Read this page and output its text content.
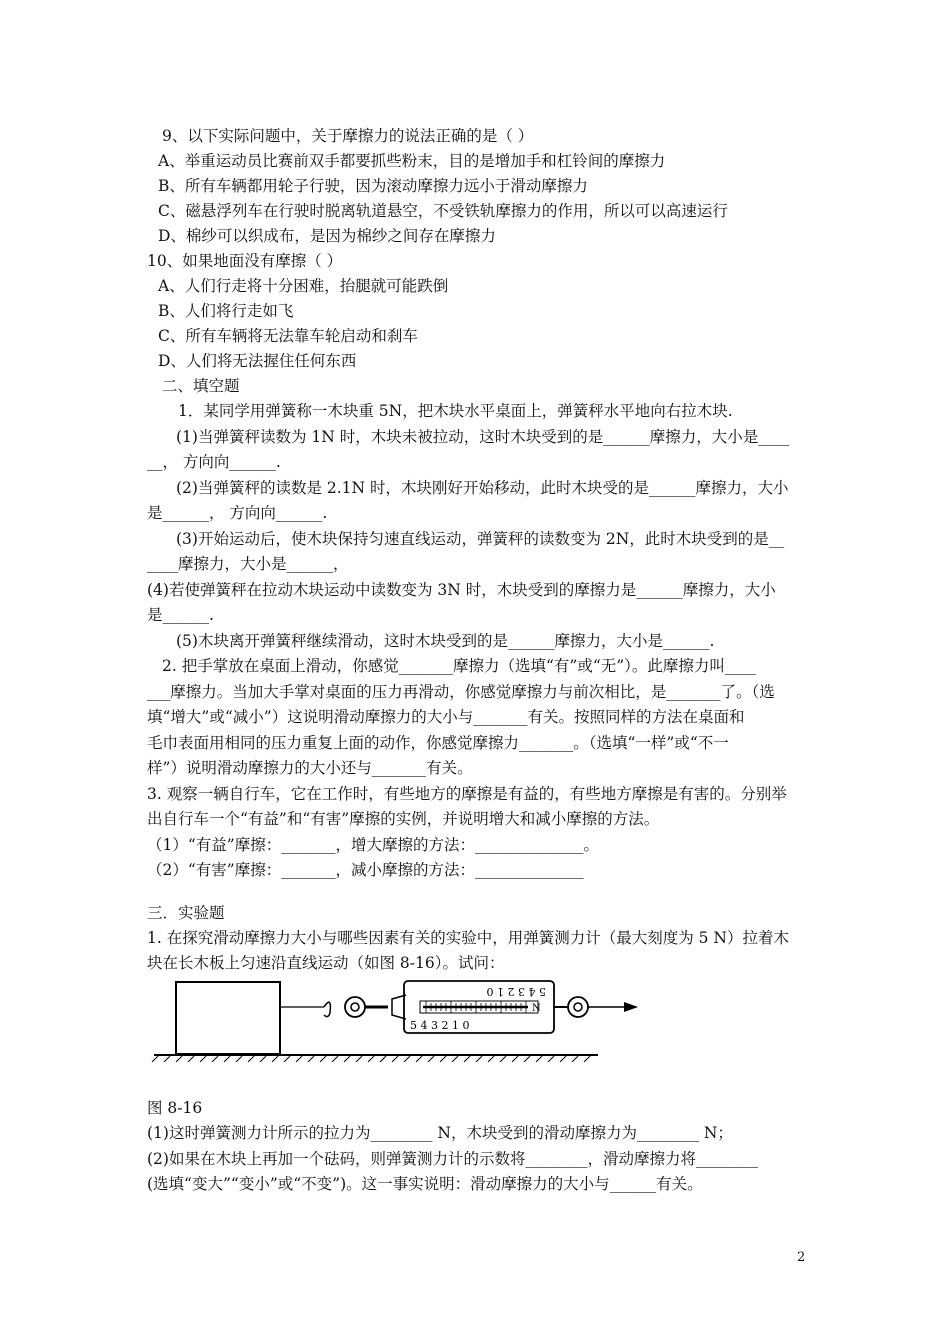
9、以下实际问题中，关于摩擦力的说法正确的是（ ）
A、举重运动员比赛前双手都要抓些粉末，目的是增加手和杠铃间的摩擦力
B、所有车辆都用轮子行驶，因为滚动摩擦力远小于滑动摩擦力
C、磁悬浮列车在行驶时脱离轨道悬空，不受铁轨摩擦力的作用，所以可以高速运行
D、棉纱可以织成布，是因为棉纱之间存在摩擦力
10、如果地面没有摩擦（ ）
A、人们行走将十分困难，抬腿就可能跌倒
B、人们将行走如飞
C、所有车辆将无法靠车轮启动和刹车
D、人们将无法握住任何东西
二、填空题
1．某同学用弹簧称一木块重 5N，把木块水平桌面上，弹簧秤水平地向右拉木块.
(1)当弹簧秤读数为 1N 时，木块未被拉动，这时木块受到的是______摩擦力，大小是____
__， 方向向______.
(2)当弹簧秤的读数是 2.1N 时，木块刚好开始移动，此时木块受的是______摩擦力，大小
是______， 方向向______.
(3)开始运动后，使木块保持匀速直线运动，弹簧秤的读数变为 2N，此时木块受到的是__
____摩擦力，大小是______，
(4)若使弹簧秤在拉动木块运动中读数变为 3N 时，木块受到的摩擦力是______摩擦力，大小
是______.
(5)木块离开弹簧秤继续滑动，这时木块受到的是______摩擦力，大小是______.
2. 把手掌放在桌面上滑动，你感觉_______摩擦力（选填“有”或“无”）。此摩擦力叫____
___摩擦力。当加大手掌对桌面的压力再滑动，你感觉摩擦力与前次相比，是_______了。（选
填“增大”或“减小”）这说明滑动摩擦力的大小与_______有关。按照同样的方法在桌面和
毛巾表面用相同的压力重复上面的动作，你感觉摩擦力_______。（选填“一样”或“不一
样”）说明滑动摩擦力的大小还与_______有关。
3. 观察一辆自行车，它在工作时，有些地方的摩擦是有益的，有些地方摩擦是有害的。分别举
出自行车一个“有益”和“有害”摩擦的实例，并说明增大和减小摩擦的方法。
（1）“有益”摩擦：_______，增大摩擦的方法：______________。
（2）“有害”摩擦：_______，减小摩擦的方法：______________
三．实验题
1. 在探究滑动摩擦力大小与哪些因素有关的实验中，用弹簧测力计（最大刻度为 5 N）拉着木
块在长木板上匀速沿直线运动（如图 8-16）。试问：
5 4 3 2 1 0
N
5 4 3 2 1 0
图 8-16
(1)这时弹簧测力计所示的拉力为________ N，木块受到的滑动摩擦力为________ N；
(2)如果在木块上再加一个砝码，则弹簧测力计的示数将________，滑动摩擦力将________
(选填“变大”“变小”或“不变”)。这一事实说明：滑动摩擦力的大小与______有关。
2
